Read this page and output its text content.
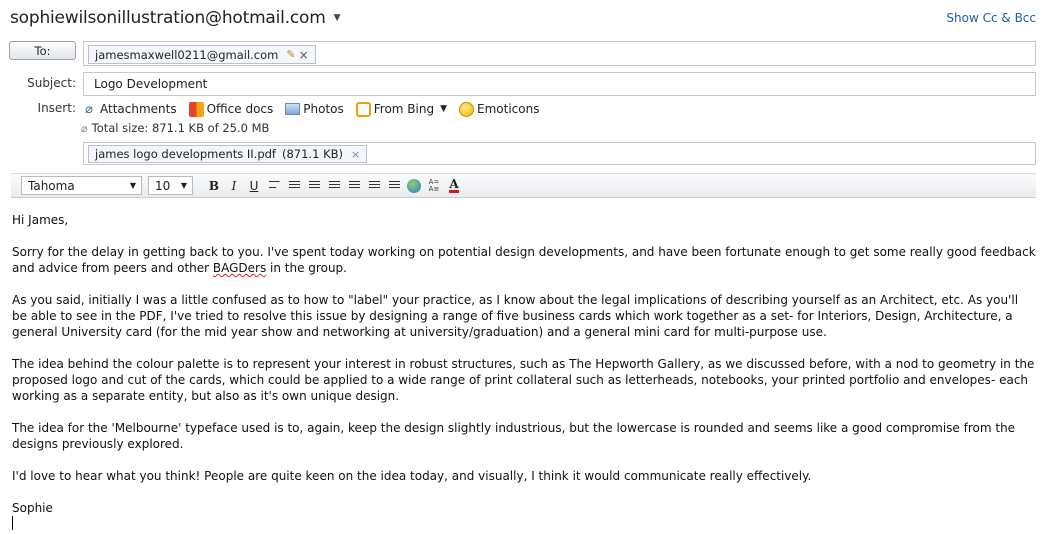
sophiewilsonillustration@hotmail.com ▼	Show Cc & Bcc
To:	jamesmaxwell0211@gmail.com ✎ ×
Subject:	Logo Development
Insert: ⌀ Attachments	Office docs	Photos	From Bing ▼	Emoticons
⌀ Total size: 871.1 KB of 25.0 MB
james logo developments II.pdf (871.1 KB) ×
Tahoma	▼ 10 ▼	B	I	U	A=
A≡ A

Hi James,

Sorry for the delay in getting back to you. I've spent today working on potential design developments, and have been fortunate enough to get some really good feedback and advice from peers and other BAGDers in the group.

As you said, initially I was a little confused as to how to "label" your practice, as I know about the legal implications of describing yourself as an Architect, etc. As you'll be able to see in the PDF, I've tried to resolve this issue by designing a range of five business cards which work together as a set- for Interiors, Design, Architecture, a general University card (for the mid year show and networking at university/graduation) and a general mini card for multi-purpose use.

The idea behind the colour palette is to represent your interest in robust structures, such as The Hepworth Gallery, as we discussed before, with a nod to geometry in the proposed logo and cut of the cards, which could be applied to a wide range of print collateral such as letterheads, notebooks, your printed portfolio and envelopes- each working as a separate entity, but also as it's own unique design.

The idea for the 'Melbourne' typeface used is to, again, keep the design slightly industrious, but the lowercase is rounded and seems like a good compromise from the designs previously explored.

I'd love to hear what you think! People are quite keen on the idea today, and visually, I think it would communicate really effectively.

Sophie
